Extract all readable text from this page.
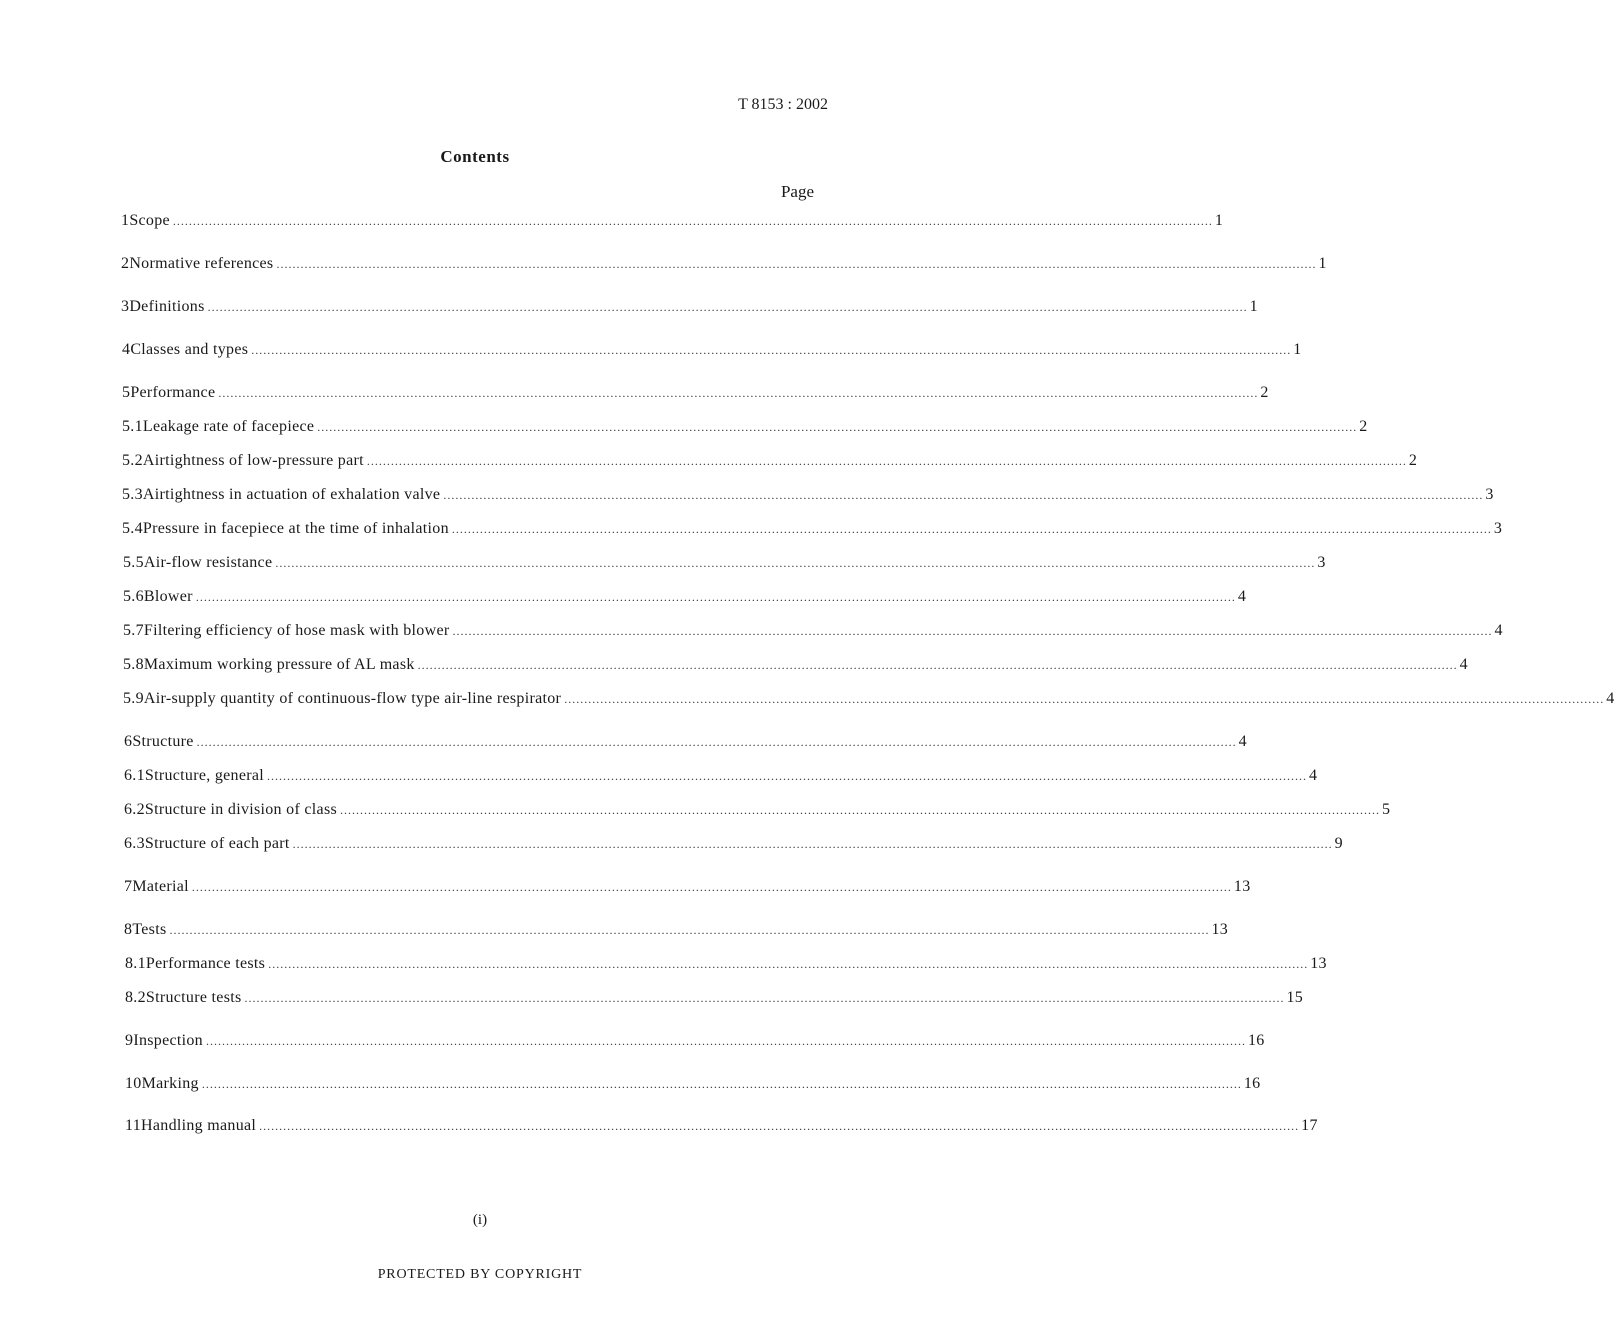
T 8153 : 2002
Contents
Page
1 Scope .................................................................................................................................................................................................................................................................... 1
2 Normative references .................................................................................................................................................................................................................................................................... 1
3 Definitions .................................................................................................................................................................................................................................................................... 1
4 Classes and types .................................................................................................................................................................................................................................................................... 1
5 Performance .................................................................................................................................................................................................................................................................... 2
5.1 Leakage rate of facepiece .................................................................................................................................................................................................................................................................... 2
5.2 Airtightness of low-pressure part .................................................................................................................................................................................................................................................................... 2
5.3 Airtightness in actuation of exhalation valve .................................................................................................................................................................................................................................................................... 3
5.4 Pressure in facepiece at the time of inhalation .................................................................................................................................................................................................................................................................... 3
5.5 Air-flow resistance .................................................................................................................................................................................................................................................................... 3
5.6 Blower .................................................................................................................................................................................................................................................................... 4
5.7 Filtering efficiency of hose mask with blower .................................................................................................................................................................................................................................................................... 4
5.8 Maximum working pressure of AL mask .................................................................................................................................................................................................................................................................... 4
5.9 Air-supply quantity of continuous-flow type air-line respirator .................................................................................................................................................................................................................................................................... 4
6 Structure .................................................................................................................................................................................................................................................................... 4
6.1 Structure, general .................................................................................................................................................................................................................................................................... 4
6.2 Structure in division of class .................................................................................................................................................................................................................................................................... 5
6.3 Structure of each part .................................................................................................................................................................................................................................................................... 9
7 Material .................................................................................................................................................................................................................................................................... 13
8 Tests .................................................................................................................................................................................................................................................................... 13
8.1 Performance tests .................................................................................................................................................................................................................................................................... 13
8.2 Structure tests .................................................................................................................................................................................................................................................................... 15
9 Inspection .................................................................................................................................................................................................................................................................... 16
10 Marking .................................................................................................................................................................................................................................................................... 16
11 Handling manual .................................................................................................................................................................................................................................................................... 17
(i)
PROTECTED BY COPYRIGHT
